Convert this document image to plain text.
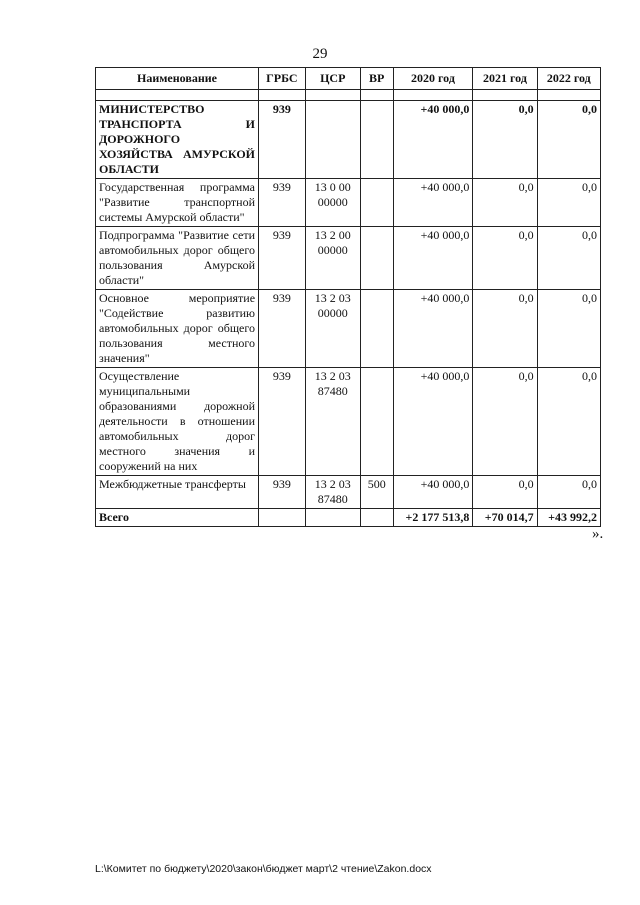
29
Наименование	ГРБС	ЦСР	ВР	2020 год	2021 год	2022 год

МИНИСТЕРСТВО ТРАНСПОРТА И ДОРОЖНОГО ХОЗЯЙСТВА АМУРСКОЙ ОБЛАСТИ	939			+40 000,0	0,0	0,0
Государственная программа "Развитие транспортной системы Амурской области"	939	13 0 00 00000		+40 000,0	0,0	0,0
Подпрограмма "Развитие сети автомобильных дорог общего пользования Амурской области"	939	13 2 00 00000		+40 000,0	0,0	0,0
Основное мероприятие "Содействие развитию автомобильных дорог общего пользования местного значения"	939	13 2 03 00000		+40 000,0	0,0	0,0
Осуществление муниципальными образованиями дорожной деятельности в отношении автомобильных дорог местного значения и сооружений на них	939	13 2 03 87480		+40 000,0	0,0	0,0
Межбюджетные трансферты	939	13 2 03 87480	500	+40 000,0	0,0	0,0
Всего				+2 177 513,8	+70 014,7	+43 992,2
».
L:\Комитет по бюджету\2020\закон\бюджет март\2 чтение\Zakon.docx
